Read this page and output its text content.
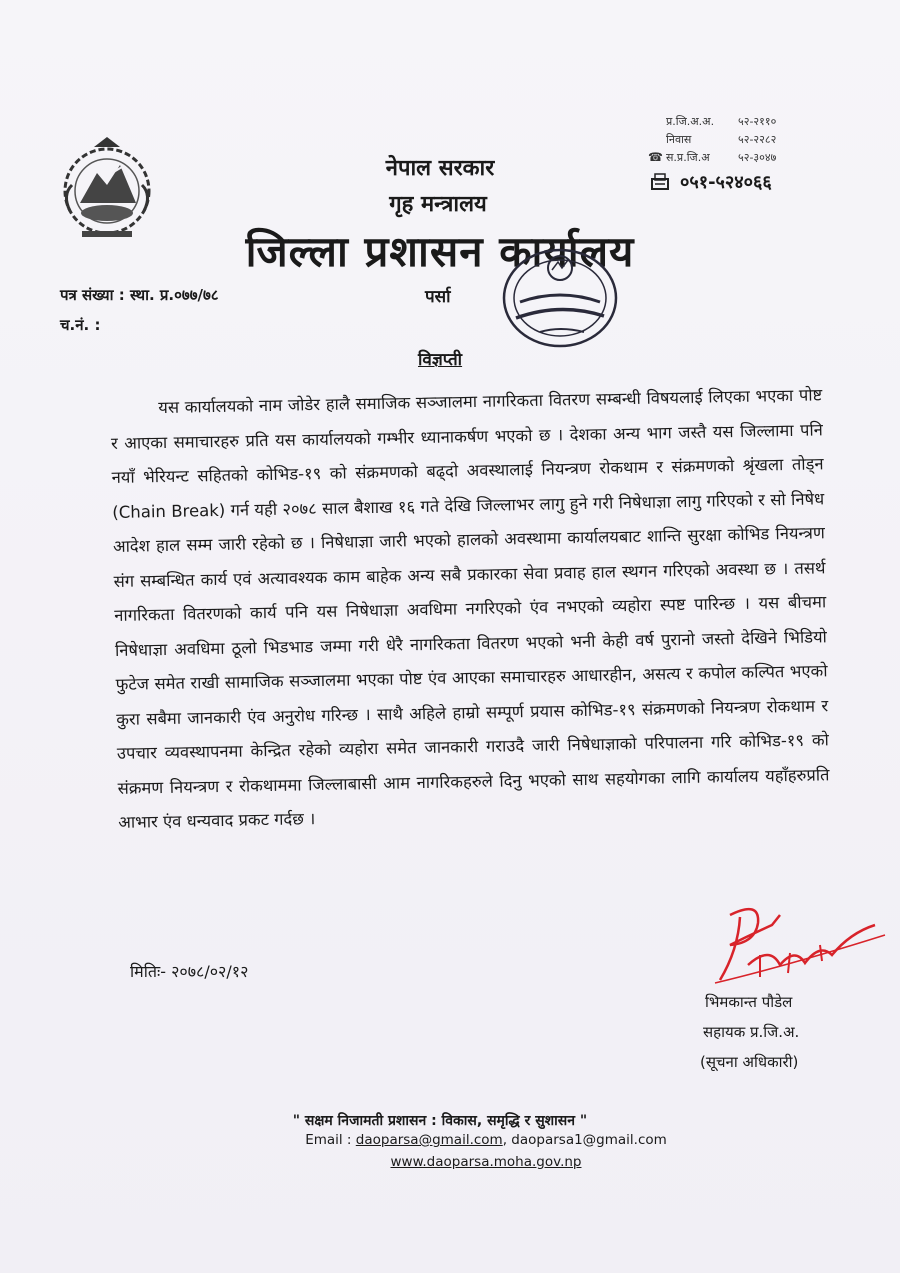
नेपाल सरकार
गृह मन्त्रालय
जिल्ला प्रशासन कार्यालय
पर्सा
प्र.जि.अ.अ.	५२-२११०
निवास	५२-२२८२
☎ स.प्र.जि.अ	५२-३०४७
०५१-५२४०६६
पत्र संख्या : स्था. प्र.०७७/७८
च.नं. :
विज्ञप्ती
यस कार्यालयको नाम जोडेर हालै समाजिक सञ्जालमा नागरिकता वितरण सम्बन्धी विषयलाई लिएका भएका पोष्ट र आएका समाचारहरु प्रति यस कार्यालयको गम्भीर ध्यानाकर्षण भएको छ । देशका अन्य भाग जस्तै यस जिल्लामा पनि नयाँ भेरियन्ट सहितको कोभिड-१९ को संक्रमणको बढ्दो अवस्थालाई नियन्त्रण रोकथाम र संक्रमणको श्रृंखला तोड्न (Chain Break) गर्न यही २०७८ साल बैशाख १६ गते देखि जिल्लाभर लागु हुने गरी निषेधाज्ञा लागु गरिएको र सो निषेध आदेश हाल सम्म जारी रहेको छ । निषेधाज्ञा जारी भएको हालको अवस्थामा कार्यालयबाट शान्ति सुरक्षा कोभिड नियन्त्रण संग सम्बन्धित कार्य एवं अत्यावश्यक काम बाहेक अन्य सबै प्रकारका सेवा प्रवाह हाल स्थगन गरिएको अवस्था छ । तसर्थ नागरिकता वितरणको कार्य पनि यस निषेधाज्ञा अवधिमा नगरिएको एंव नभएको व्यहोरा स्पष्ट पारिन्छ । यस बीचमा निषेधाज्ञा अवधिमा ठूलो भिडभाड जम्मा गरी धेरै नागरिकता वितरण भएको भनी केही वर्ष पुरानो जस्तो देखिने भिडियो फुटेज समेत राखी सामाजिक सञ्जालमा भएका पोष्ट एंव आएका समाचारहरु आधारहीन, असत्य र कपोल कल्पित भएको कुरा सबैमा जानकारी एंव अनुरोध गरिन्छ । साथै अहिले हाम्रो सम्पूर्ण प्रयास कोभिड-१९ संक्रमणको नियन्त्रण रोकथाम र उपचार व्यवस्थापनमा केन्द्रित रहेको व्यहोरा समेत जानकारी गराउदै जारी निषेधाज्ञाको परिपालना गरि कोभिड-१९ को संक्रमण नियन्त्रण र रोकथाममा जिल्लाबासी आम नागरिकहरुले दिनु भएको साथ सहयोगका लागि कार्यालय यहाँहरुप्रति आभार एंव धन्यवाद प्रकट गर्दछ ।
मितिः- २०७८/०२/१२
भिमकान्त पौडेल
सहायक प्र.जि.अ.
(सूचना अधिकारी)
" सक्षम निजामती प्रशासन : विकास, समृद्धि र सुशासन "
Email : daoparsa@gmail.com, daoparsa1@gmail.com
www.daoparsa.moha.gov.np
